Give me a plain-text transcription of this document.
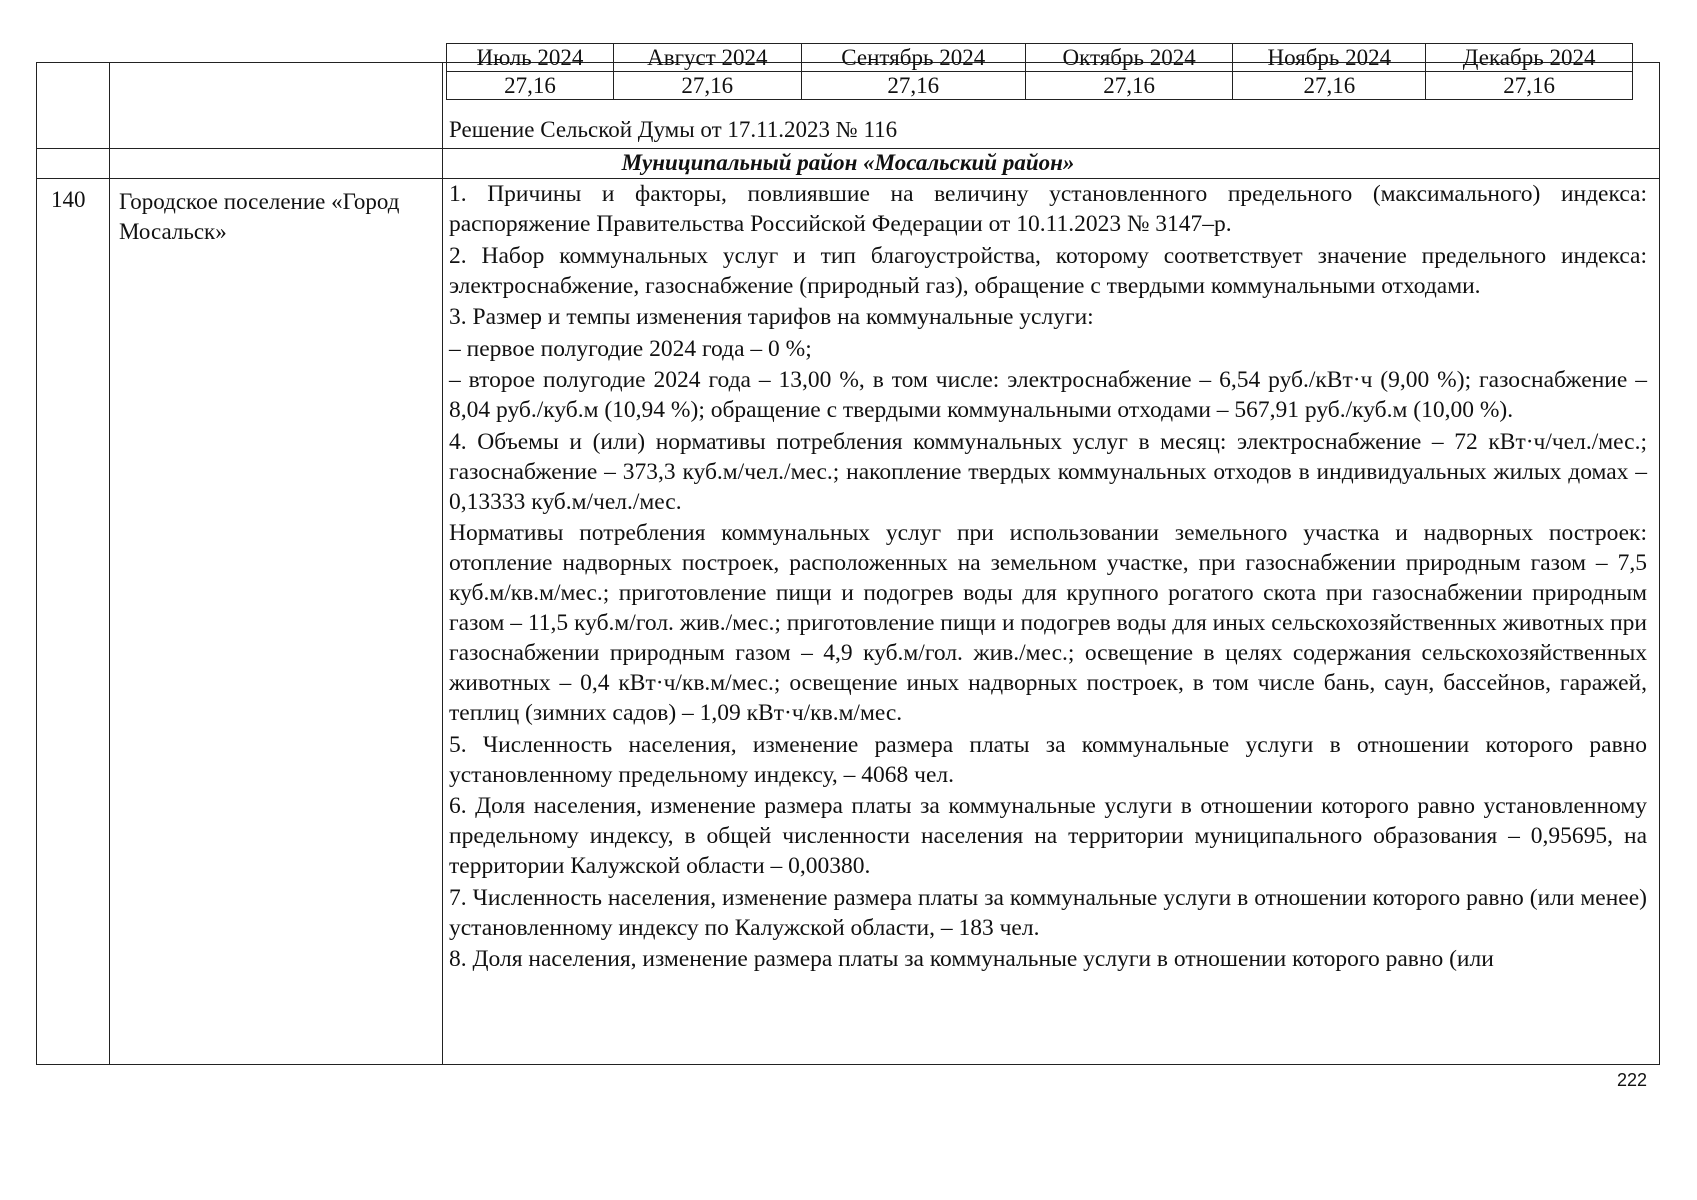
Июль 2024	Август 2024	Сентябрь 2024	Октябрь 2024	Ноябрь 2024	Декабрь 2024
27,16	27,16	27,16	27,16	27,16	27,16
Решение Сельской Думы от 17.11.2023 № 116
Муниципальный район «Мосальский район»
140 Городское поселение «Город Мосальск»

1. Причины и факторы, повлиявшие на величину установленного предельного (максимального) индекса: распоряжение Правительства Российской Федерации от 10.11.2023 № 3147–р.

2. Набор коммунальных услуг и тип благоустройства, которому соответствует значение предельного индекса: электроснабжение, газоснабжение (природный газ), обращение с твердыми коммунальными отходами.

3. Размер и темпы изменения тарифов на коммунальные услуги:

– первое полугодие 2024 года – 0 %;

– второе полугодие 2024 года – 13,00 %, в том числе: электроснабжение – 6,54 руб./кВт·ч (9,00 %); газоснабжение – 8,04 руб./куб.м (10,94 %); обращение с твердыми коммунальными отходами – 567,91 руб./куб.м (10,00 %).

4. Объемы и (или) нормативы потребления коммунальных услуг в месяц: электроснабжение – 72 кВт·ч/чел./мес.; газоснабжение – 373,3 куб.м/чел./мес.; накопление твердых коммунальных отходов в индивидуальных жилых домах – 0,13333 куб.м/чел./мес.

Нормативы потребления коммунальных услуг при использовании земельного участка и надворных построек: отопление надворных построек, расположенных на земельном участке, при газоснабжении природным газом – 7,5 куб.м/кв.м/мес.; приготовление пищи и подогрев воды для крупного рогатого скота при газоснабжении природным газом – 11,5 куб.м/гол. жив./мес.; приготовление пищи и подогрев воды для иных сельскохозяйственных животных при газоснабжении природным газом – 4,9 куб.м/гол. жив./мес.; освещение в целях содержания сельскохозяйственных животных – 0,4 кВт·ч/кв.м/мес.; освещение иных надворных построек, в том числе бань, саун, бассейнов, гаражей, теплиц (зимних садов) – 1,09 кВт·ч/кв.м/мес.

5. Численность населения, изменение размера платы за коммунальные услуги в отношении которого равно установленному предельному индексу, – 4068 чел.

6. Доля населения, изменение размера платы за коммунальные услуги в отношении которого равно установленному предельному индексу, в общей численности населения на территории муниципального образования – 0,95695, на территории Калужской области – 0,00380.

7. Численность населения, изменение размера платы за коммунальные услуги в отношении которого равно (или менее) установленному индексу по Калужской области, – 183 чел.

8. Доля населения, изменение размера платы за коммунальные услуги в отношении которого равно (или

222
